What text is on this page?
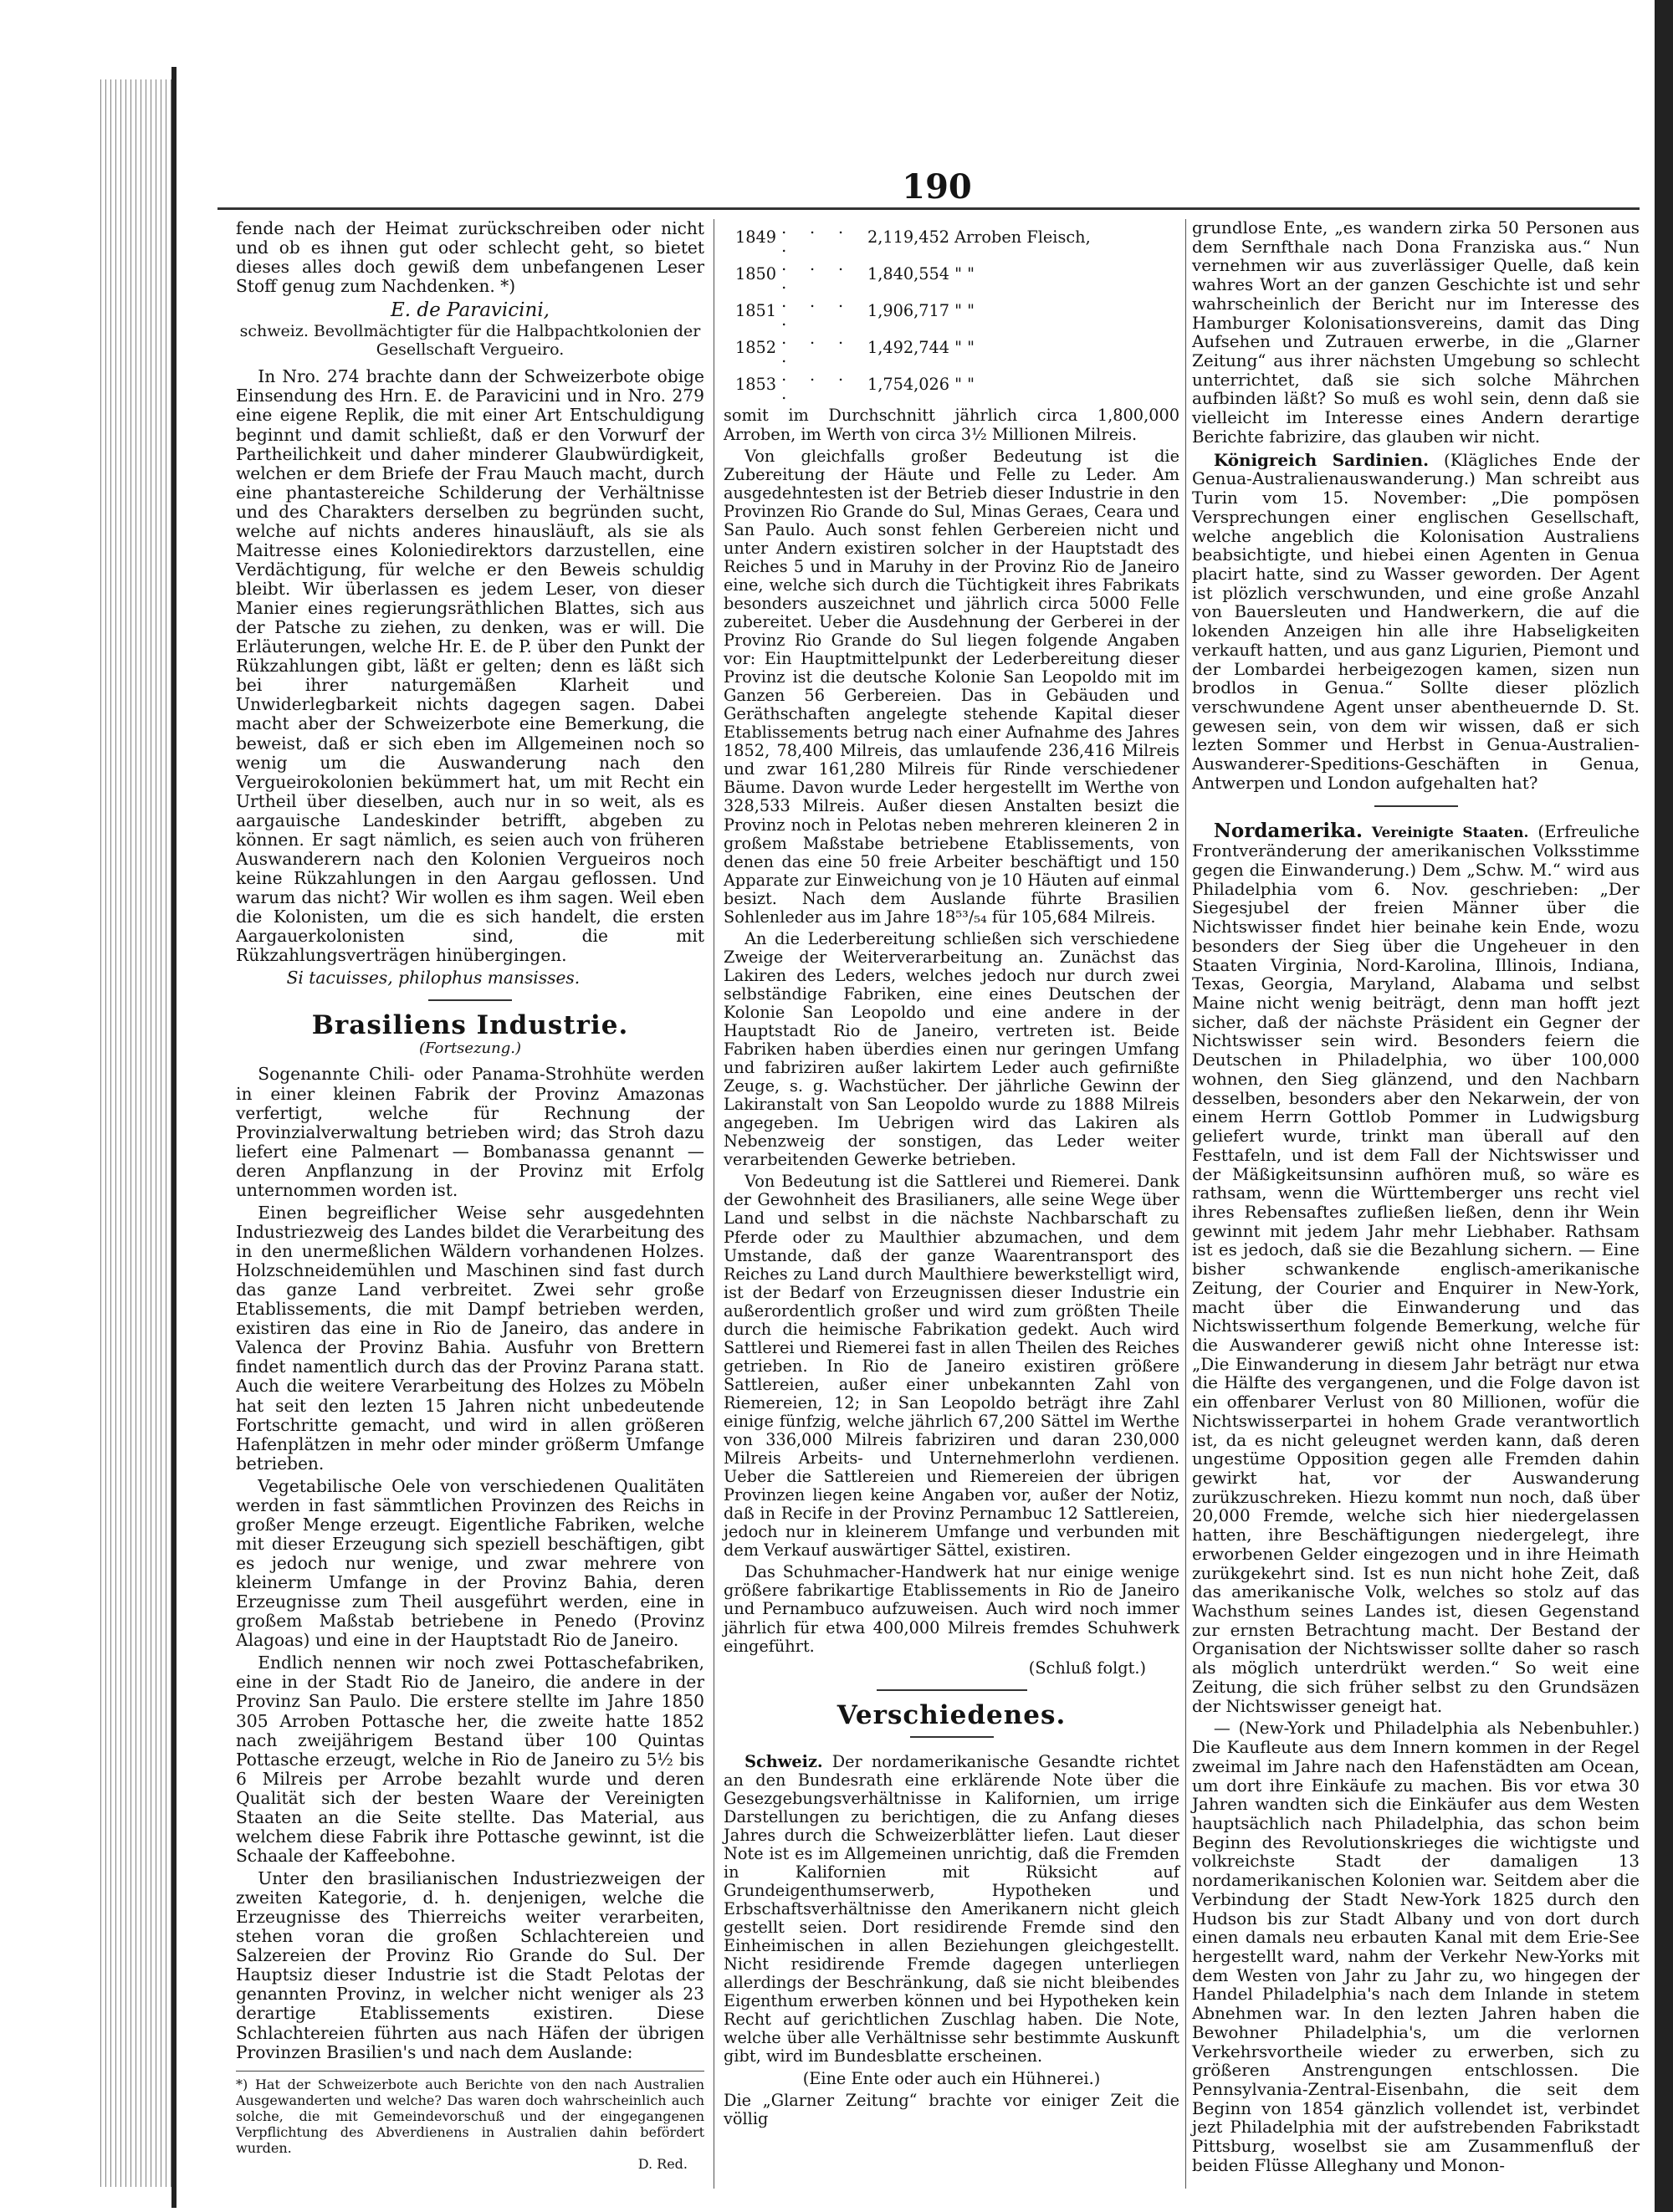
190

fende nach der Heimat zurückschreiben oder nicht und ob es ihnen gut oder schlecht geht, so bietet dieses alles doch gewiß dem unbefangenen Leser Stoff genug zum Nachdenken. *)

E. de Paravicini,
schweiz. Bevollmächtigter für die Halbpachtkolonien der Gesellschaft Vergueiro.

In Nro. 274 brachte dann der Schweizerbote obige Einsendung des Hrn. E. de Paravicini und in Nro. 279 eine eigene Replik, die mit einer Art Entschuldigung beginnt und damit schließt, daß er den Vorwurf der Partheilichkeit und daher minderer Glaubwürdigkeit, welchen er dem Briefe der Frau Mauch macht, durch eine phantastereiche Schilderung der Verhältnisse und des Charakters derselben zu begründen sucht, welche auf nichts anderes hinausläuft, als sie als Maitresse eines Koloniedirektors darzustellen, eine Verdächtigung, für welche er den Beweis schuldig bleibt. Wir überlassen es jedem Leser, von dieser Manier eines regierungsräthlichen Blattes, sich aus der Patsche zu ziehen, zu denken, was er will. Die Erläuterungen, welche Hr. E. de P. über den Punkt der Rükzahlungen gibt, läßt er gelten; denn es läßt sich bei ihrer naturgemäßen Klarheit und Unwiderlegbarkeit nichts dagegen sagen. Dabei macht aber der Schweizerbote eine Bemerkung, die beweist, daß er sich eben im Allgemeinen noch so wenig um die Auswanderung nach den Vergueirokolonien bekümmert hat, um mit Recht ein Urtheil über dieselben, auch nur in so weit, als es aargauische Landeskinder betrifft, abgeben zu können. Er sagt nämlich, es seien auch von früheren Auswanderern nach den Kolonien Vergueiros noch keine Rükzahlungen in den Aargau geflossen. Und warum das nicht? Wir wollen es ihm sagen. Weil eben die Kolonisten, um die es sich handelt, die ersten Aargauerkolonisten sind, die mit Rükzahlungsverträgen hinübergingen.

Si tacuisses, philophus mansisses.

Brasiliens Industrie.
(Fortsezung.)

Sogenannte Chili- oder Panama-Strohhüte werden in einer kleinen Fabrik der Provinz Amazonas verfertigt, welche für Rechnung der Provinzialverwaltung betrieben wird; das Stroh dazu liefert eine Palmenart — Bombanassa genannt — deren Anpflanzung in der Provinz mit Erfolg unternommen worden ist.

Einen begreiflicher Weise sehr ausgedehnten Industriezweig des Landes bildet die Verarbeitung des in den unermeßlichen Wäldern vorhandenen Holzes. Holzschneidemühlen und Maschinen sind fast durch das ganze Land verbreitet. Zwei sehr große Etablissements, die mit Dampf betrieben werden, existiren das eine in Rio de Janeiro, das andere in Valenca der Provinz Bahia. Ausfuhr von Brettern findet namentlich durch das der Provinz Parana statt. Auch die weitere Verarbeitung des Holzes zu Möbeln hat seit den lezten 15 Jahren nicht unbedeutende Fortschritte gemacht, und wird in allen größeren Hafenplätzen in mehr oder minder größerm Umfange betrieben.

Vegetabilische Oele von verschiedenen Qualitäten werden in fast sämmtlichen Provinzen des Reichs in großer Menge erzeugt. Eigentliche Fabriken, welche mit dieser Erzeugung sich speziell beschäftigen, gibt es jedoch nur wenige, und zwar mehrere von kleinerm Umfange in der Provinz Bahia, deren Erzeugnisse zum Theil ausgeführt werden, eine in großem Maßstab betriebene in Penedo (Provinz Alagoas) und eine in der Hauptstadt Rio de Janeiro.

Endlich nennen wir noch zwei Pottaschefabriken, eine in der Stadt Rio de Janeiro, die andere in der Provinz San Paulo. Die erstere stellte im Jahre 1850 305 Arroben Pottasche her, die zweite hatte 1852 nach zweijährigem Bestand über 100 Quintas Pottasche erzeugt, welche in Rio de Janeiro zu 5½ bis 6 Milreis per Arrobe bezahlt wurde und deren Qualität sich der besten Waare der Vereinigten Staaten an die Seite stellte. Das Material, aus welchem diese Fabrik ihre Pottasche gewinnt, ist die Schaale der Kaffeebohne.

Unter den brasilianischen Industriezweigen der zweiten Kategorie, d. h. denjenigen, welche die Erzeugnisse des Thierreichs weiter verarbeiten, stehen voran die großen Schlachtereien und Salzereien der Provinz Rio Grande do Sul. Der Hauptsiz dieser Industrie ist die Stadt Pelotas der genannten Provinz, in welcher nicht weniger als 23 derartige Etablissements existiren. Diese Schlachtereien führten aus nach Häfen der übrigen Provinzen Brasilien's und nach dem Auslande:

*) Hat der Schweizerbote auch Berichte von den nach Australien Ausgewanderten und welche? Das waren doch wahrscheinlich auch solche, die mit Gemeindevorschuß und der eingegangenen Verpflichtung des Abverdienens in Australien dahin befördert wurden.
D. Red.
1849	. . . .	2,119,452	Arroben Fleisch,
1850	. . . .	1,840,554	" "
1851	. . . .	1,906,717	" "
1852	. . . .	1,492,744	" "
1853	. . . .	1,754,026	" "

somit im Durchschnitt jährlich circa 1,800,000 Arroben, im Werth von circa 3½ Millionen Milreis.

Von gleichfalls großer Bedeutung ist die Zubereitung der Häute und Felle zu Leder. Am ausgedehntesten ist der Betrieb dieser Industrie in den Provinzen Rio Grande do Sul, Minas Geraes, Ceara und San Paulo. Auch sonst fehlen Gerbereien nicht und unter Andern existiren solcher in der Hauptstadt des Reiches 5 und in Maruhy in der Provinz Rio de Janeiro eine, welche sich durch die Tüchtigkeit ihres Fabrikats besonders auszeichnet und jährlich circa 5000 Felle zubereitet. Ueber die Ausdehnung der Gerberei in der Provinz Rio Grande do Sul liegen folgende Angaben vor: Ein Hauptmittelpunkt der Lederbereitung dieser Provinz ist die deutsche Kolonie San Leopoldo mit im Ganzen 56 Gerbereien. Das in Gebäuden und Geräthschaften angelegte stehende Kapital dieser Etablissements betrug nach einer Aufnahme des Jahres 1852, 78,400 Milreis, das umlaufende 236,416 Milreis und zwar 161,280 Milreis für Rinde verschiedener Bäume. Davon wurde Leder hergestellt im Werthe von 328,533 Milreis. Außer diesen Anstalten besizt die Provinz noch in Pelotas neben mehreren kleineren 2 in großem Maßstabe betriebene Etablissements, von denen das eine 50 freie Arbeiter beschäftigt und 150 Apparate zur Einweichung von je 10 Häuten auf einmal besizt. Nach dem Auslande führte Brasilien Sohlenleder aus im Jahre 18⁵³/₅₄ für 105,684 Milreis.

An die Lederbereitung schließen sich verschiedene Zweige der Weiterverarbeitung an. Zunächst das Lakiren des Leders, welches jedoch nur durch zwei selbständige Fabriken, eine eines Deutschen der Kolonie San Leopoldo und eine andere in der Hauptstadt Rio de Janeiro, vertreten ist. Beide Fabriken haben überdies einen nur geringen Umfang und fabriziren außer lakirtem Leder auch gefirnißte Zeuge, s. g. Wachstücher. Der jährliche Gewinn der Lakiranstalt von San Leopoldo wurde zu 1888 Milreis angegeben. Im Uebrigen wird das Lakiren als Nebenzweig der sonstigen, das Leder weiter verarbeitenden Gewerke betrieben.

Von Bedeutung ist die Sattlerei und Riemerei. Dank der Gewohnheit des Brasilianers, alle seine Wege über Land und selbst in die nächste Nachbarschaft zu Pferde oder zu Maulthier abzumachen, und dem Umstande, daß der ganze Waarentransport des Reiches zu Land durch Maulthiere bewerkstelligt wird, ist der Bedarf von Erzeugnissen dieser Industrie ein außerordentlich großer und wird zum größten Theile durch die heimische Fabrikation gedekt. Auch wird Sattlerei und Riemerei fast in allen Theilen des Reiches getrieben. In Rio de Janeiro existiren größere Sattlereien, außer einer unbekannten Zahl von Riemereien, 12; in San Leopoldo beträgt ihre Zahl einige fünfzig, welche jährlich 67,200 Sättel im Werthe von 336,000 Milreis fabriziren und daran 230,000 Milreis Arbeits- und Unternehmerlohn verdienen. Ueber die Sattlereien und Riemereien der übrigen Provinzen liegen keine Angaben vor, außer der Notiz, daß in Recife in der Provinz Pernambuc 12 Sattlereien, jedoch nur in kleinerem Umfange und verbunden mit dem Verkauf auswärtiger Sättel, existiren.

Das Schuhmacher-Handwerk hat nur einige wenige größere fabrikartige Etablissements in Rio de Janeiro und Pernambuco aufzuweisen. Auch wird noch immer jährlich für etwa 400,000 Milreis fremdes Schuhwerk eingeführt.

(Schluß folgt.)

Verschiedenes.

Schweiz. Der nordamerikanische Gesandte richtet an den Bundesrath eine erklärende Note über die Gesezgebungsverhältnisse in Kalifornien, um irrige Darstellungen zu berichtigen, die zu Anfang dieses Jahres durch die Schweizerblätter liefen. Laut dieser Note ist es im Allgemeinen unrichtig, daß die Fremden in Kalifornien mit Rüksicht auf Grundeigenthumserwerb, Hypotheken und Erbschaftsverhältnisse den Amerikanern nicht gleich gestellt seien. Dort residirende Fremde sind den Einheimischen in allen Beziehungen gleichgestellt. Nicht residirende Fremde dagegen unterliegen allerdings der Beschränkung, daß sie nicht bleibendes Eigenthum erwerben können und bei Hypotheken kein Recht auf gerichtlichen Zuschlag haben. Die Note, welche über alle Verhältnisse sehr bestimmte Auskunft gibt, wird im Bundesblatte erscheinen.

(Eine Ente oder auch ein Hühnerei.)

Die „Glarner Zeitung“ brachte vor einiger Zeit die völlig

grundlose Ente, „es wandern zirka 50 Personen aus dem Sernfthale nach Dona Franziska aus.“ Nun vernehmen wir aus zuverlässiger Quelle, daß kein wahres Wort an der ganzen Geschichte ist und sehr wahrscheinlich der Bericht nur im Interesse des Hamburger Kolonisationsvereins, damit das Ding Aufsehen und Zutrauen erwerbe, in die „Glarner Zeitung“ aus ihrer nächsten Umgebung so schlecht unterrichtet, daß sie sich solche Mährchen aufbinden läßt? So muß es wohl sein, denn daß sie vielleicht im Interesse eines Andern derartige Berichte fabrizire, das glauben wir nicht.

Königreich Sardinien. (Klägliches Ende der Genua-Australienauswanderung.) Man schreibt aus Turin vom 15. November: „Die pompösen Versprechungen einer englischen Gesellschaft, welche angeblich die Kolonisation Australiens beabsichtigte, und hiebei einen Agenten in Genua placirt hatte, sind zu Wasser geworden. Der Agent ist plözlich verschwunden, und eine große Anzahl von Bauersleuten und Handwerkern, die auf die lokenden Anzeigen hin alle ihre Habseligkeiten verkauft hatten, und aus ganz Ligurien, Piemont und der Lombardei herbeigezogen kamen, sizen nun brodlos in Genua.“ Sollte dieser plözlich verschwundene Agent unser abentheuernde D. St. gewesen sein, von dem wir wissen, daß er sich lezten Sommer und Herbst in Genua-Australien-Auswanderer-Speditions-Geschäften in Genua, Antwerpen und London aufgehalten hat?

Nordamerika. Vereinigte Staaten. (Erfreuliche Frontveränderung der amerikanischen Volksstimme gegen die Einwanderung.) Dem „Schw. M.“ wird aus Philadelphia vom 6. Nov. geschrieben: „Der Siegesjubel der freien Männer über die Nichtswisser findet hier beinahe kein Ende, wozu besonders der Sieg über die Ungeheuer in den Staaten Virginia, Nord-Karolina, Illinois, Indiana, Texas, Georgia, Maryland, Alabama und selbst Maine nicht wenig beiträgt, denn man hofft jezt sicher, daß der nächste Präsident ein Gegner der Nichtswisser sein wird. Besonders feiern die Deutschen in Philadelphia, wo über 100,000 wohnen, den Sieg glänzend, und den Nachbarn desselben, besonders aber den Nekarwein, der von einem Herrn Gottlob Pommer in Ludwigsburg geliefert wurde, trinkt man überall auf den Festtafeln, und ist dem Fall der Nichtswisser und der Mäßigkeitsunsinn aufhören muß, so wäre es rathsam, wenn die Württemberger uns recht viel ihres Rebensaftes zufließen ließen, denn ihr Wein gewinnt mit jedem Jahr mehr Liebhaber. Rathsam ist es jedoch, daß sie die Bezahlung sichern. — Eine bisher schwankende englisch-amerikanische Zeitung, der Courier and Enquirer in New-York, macht über die Einwanderung und das Nichtswisserthum folgende Bemerkung, welche für die Auswanderer gewiß nicht ohne Interesse ist: „Die Einwanderung in diesem Jahr beträgt nur etwa die Hälfte des vergangenen, und die Folge davon ist ein offenbarer Verlust von 80 Millionen, wofür die Nichtswisserpartei in hohem Grade verantwortlich ist, da es nicht geleugnet werden kann, daß deren ungestüme Opposition gegen alle Fremden dahin gewirkt hat, vor der Auswanderung zurükzuschreken. Hiezu kommt nun noch, daß über 20,000 Fremde, welche sich hier niedergelassen hatten, ihre Beschäftigungen niedergelegt, ihre erworbenen Gelder eingezogen und in ihre Heimath zurükgekehrt sind. Ist es nun nicht hohe Zeit, daß das amerikanische Volk, welches so stolz auf das Wachsthum seines Landes ist, diesen Gegenstand zur ernsten Betrachtung macht. Der Bestand der Organisation der Nichtswisser sollte daher so rasch als möglich unterdrükt werden.“ So weit eine Zeitung, die sich früher selbst zu den Grundsäzen der Nichtswisser geneigt hat.

— (New-York und Philadelphia als Nebenbuhler.) Die Kaufleute aus dem Innern kommen in der Regel zweimal im Jahre nach den Hafenstädten am Ocean, um dort ihre Einkäufe zu machen. Bis vor etwa 30 Jahren wandten sich die Einkäufer aus dem Westen hauptsächlich nach Philadelphia, das schon beim Beginn des Revolutionskrieges die wichtigste und volkreichste Stadt der damaligen 13 nordamerikanischen Kolonien war. Seitdem aber die Verbindung der Stadt New-York 1825 durch den Hudson bis zur Stadt Albany und von dort durch einen damals neu erbauten Kanal mit dem Erie-See hergestellt ward, nahm der Verkehr New-Yorks mit dem Westen von Jahr zu Jahr zu, wo hingegen der Handel Philadelphia's nach dem Inlande in stetem Abnehmen war. In den lezten Jahren haben die Bewohner Philadelphia's, um die verlornen Verkehrsvortheile wieder zu erwerben, sich zu größeren Anstrengungen entschlossen. Die Pennsylvania-Zentral-Eisenbahn, die seit dem Beginn von 1854 gänzlich vollendet ist, verbindet jezt Philadelphia mit der aufstrebenden Fabrikstadt Pittsburg, woselbst sie am Zusammenfluß der beiden Flüsse Alleghany und Monon-
